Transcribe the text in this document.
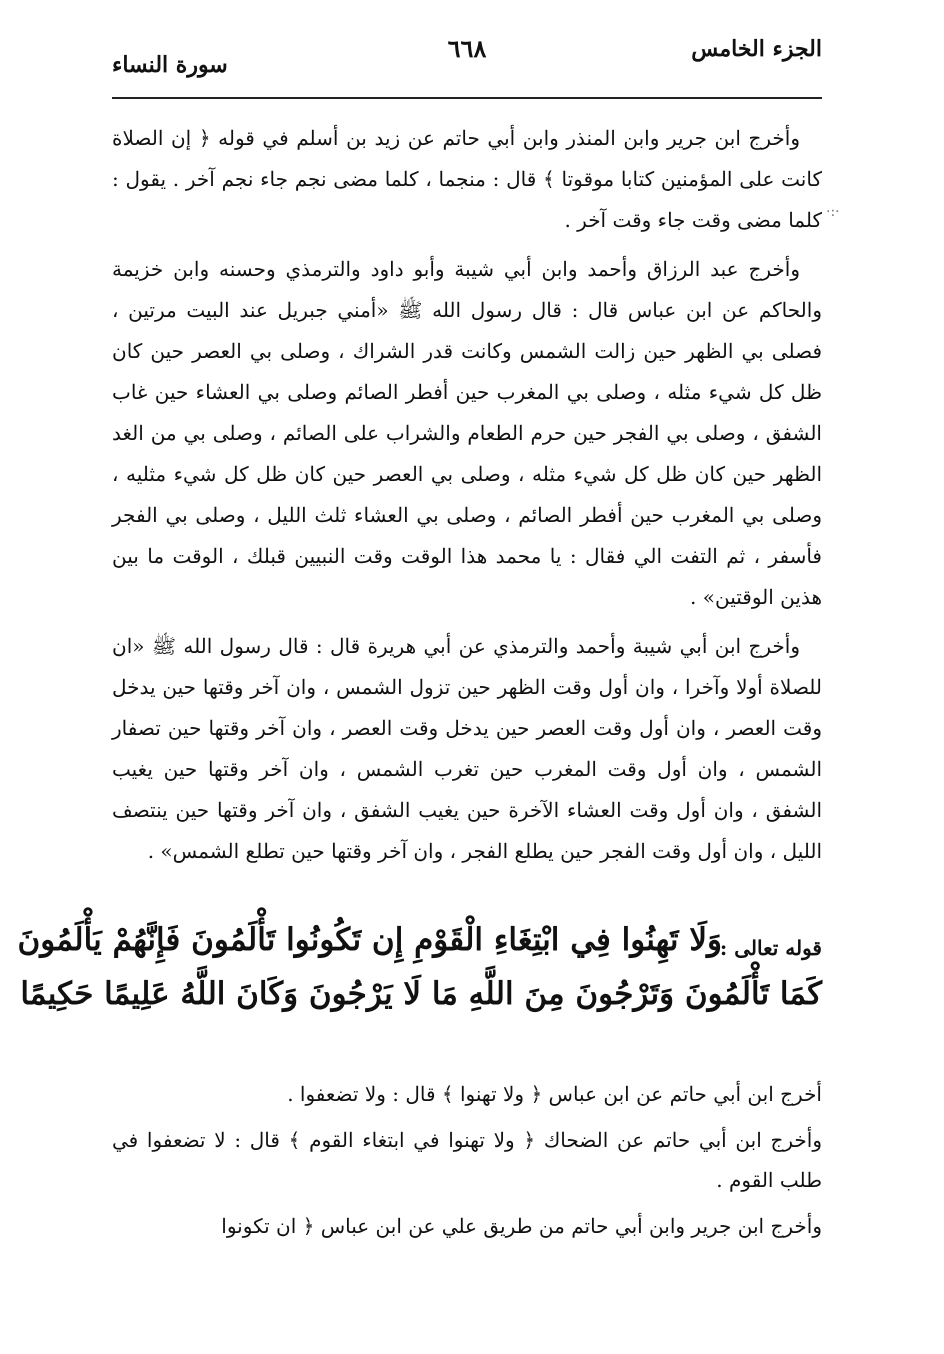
الجزء الخامس
٦٦٨
سورة النساء
·:·

وأخرج ابن جرير وابن المنذر وابن أبي حاتم عن زيد بن أسلم في قوله ﴿ إن الصلاة كانت على المؤمنين كتابا موقوتا ﴾ قال : منجما ، كلما مضى نجم جاء نجم آخر . يقول : كلما مضى وقت جاء وقت آخر .

وأخرج عبد الرزاق وأحمد وابن أبي شيبة وأبو داود والترمذي وحسنه وابن خزيمة والحاكم عن ابن عباس قال : قال رسول الله ﷺ «أمني جبريل عند البيت مرتين ، فصلى بي الظهر حين زالت الشمس وكانت قدر الشراك ، وصلى بي العصر حين كان ظل كل شيء مثله ، وصلى بي المغرب حين أفطر الصائم وصلى بي العشاء حين غاب الشفق ، وصلى بي الفجر حين حرم الطعام والشراب على الصائم ، وصلى بي من الغد الظهر حين كان ظل كل شيء مثله ، وصلى بي العصر حين كان ظل كل شيء مثليه ، وصلى بي المغرب حين أفطر الصائم ، وصلى بي العشاء ثلث الليل ، وصلى بي الفجر فأسفر ، ثم التفت الي فقال : يا محمد هذا الوقت وقت النبيين قبلك ، الوقت ما بين هذين الوقتين» .

وأخرج ابن أبي شيبة وأحمد والترمذي عن أبي هريرة قال : قال رسول الله ﷺ «ان للصلاة أولا وآخرا ، وان أول وقت الظهر حين تزول الشمس ، وان آخر وقتها حين يدخل وقت العصر ، وان أول وقت العصر حين يدخل وقت العصر ، وان آخر وقتها حين تصفار الشمس ، وان أول وقت المغرب حين تغرب الشمس ، وان آخر وقتها حين يغيب الشفق ، وان أول وقت العشاء الآخرة حين يغيب الشفق ، وان آخر وقتها حين ينتصف الليل ، وان أول وقت الفجر حين يطلع الفجر ، وان آخر وقتها حين تطلع الشمس» .

قوله تعالى :
وَلَا تَهِنُوا فِي ابْتِغَاءِ الْقَوْمِ إِن تَكُونُوا تَأْلَمُونَ فَإِنَّهُمْ يَأْلَمُونَ
كَمَا تَأْلَمُونَ وَتَرْجُونَ مِنَ اللَّهِ مَا لَا يَرْجُونَ وَكَانَ اللَّهُ عَلِيمًا حَكِيمًا

أخرج ابن أبي حاتم عن ابن عباس ﴿ ولا تهنوا ﴾ قال : ولا تضعفوا .

وأخرج ابن أبي حاتم عن الضحاك ﴿ ولا تهنوا في ابتغاء القوم ﴾ قال : لا تضعفوا في طلب القوم .

وأخرج ابن جرير وابن أبي حاتم من طريق علي عن ابن عباس ﴿ ان تكونوا
